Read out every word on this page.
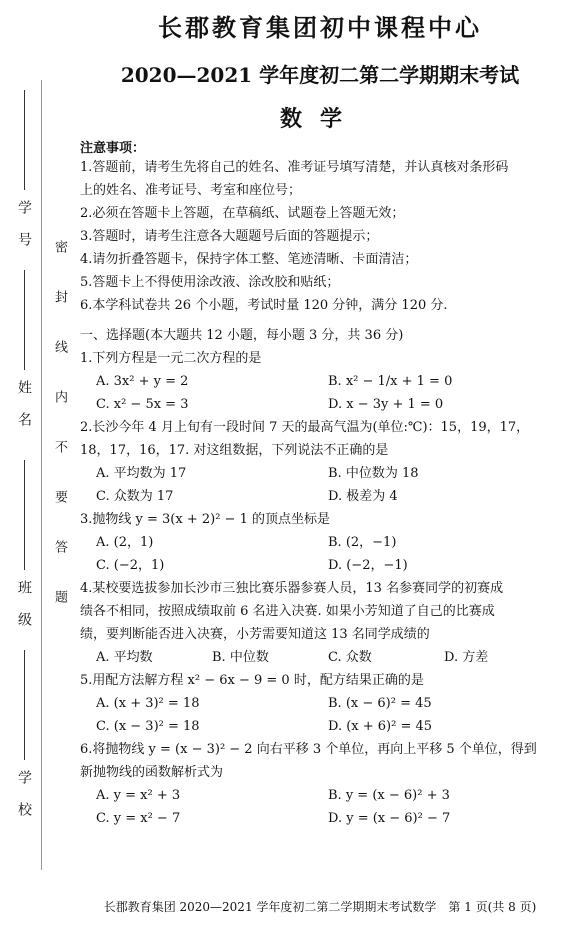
学　号
姓　名
班　级
学　校
密　封　线　内　不　要　答　题
长郡教育集团初中课程中心
2020—2021 学年度初二第二学期期末考试
数学
注意事项：
1.答题前，请考生先将自己的姓名、准考证号填写清楚，并认真核对条形码
上的姓名、准考证号、考室和座位号；
2.必须在答题卡上答题，在草稿纸、试题卷上答题无效；
3.答题时，请考生注意各大题题号后面的答题提示；
4.请勿折叠答题卡，保持字体工整、笔迹清晰、卡面清洁；
5.答题卡上不得使用涂改液、涂改胶和贴纸；
6.本学科试卷共 26 个小题，考试时量 120 分钟，满分 120 分.
一、选择题(本大题共 12 小题，每小题 3 分，共 36 分)
1.下列方程是一元二次方程的是
A. 3x² + y = 2	B. x² − 1/x + 1 = 0
C. x² − 5x = 3	D. x − 3y + 1 = 0
2.长沙今年 4 月上旬有一段时间 7 天的最高气温为(单位:℃)：15，19，17，
18，17，16，17. 对这组数据，下列说法不正确的是
A. 平均数为 17	B. 中位数为 18
C. 众数为 17	D. 极差为 4
3.抛物线 y = 3(x + 2)² − 1 的顶点坐标是
A. (2，1)	B. (2，−1)
C. (−2，1)	D. (−2，−1)
4.某校要选拔参加长沙市三独比赛乐器参赛人员，13 名参赛同学的初赛成
绩各不相同，按照成绩取前 6 名进入决赛. 如果小芳知道了自己的比赛成
绩，要判断能否进入决赛，小芳需要知道这 13 名同学成绩的
A. 平均数	B. 中位数	C. 众数	D. 方差
5.用配方法解方程 x² − 6x − 9 = 0 时，配方结果正确的是
A. (x + 3)² = 18	B. (x − 6)² = 45
C. (x − 3)² = 18	D. (x + 6)² = 45
6.将抛物线 y = (x − 3)² − 2 向右平移 3 个单位，再向上平移 5 个单位，得到
新抛物线的函数解析式为
A. y = x² + 3	B. y = (x − 6)² + 3
C. y = x² − 7	D. y = (x − 6)² − 7
长郡教育集团 2020—2021 学年度初二第二学期期末考试数学　第 1 页(共 8 页)
